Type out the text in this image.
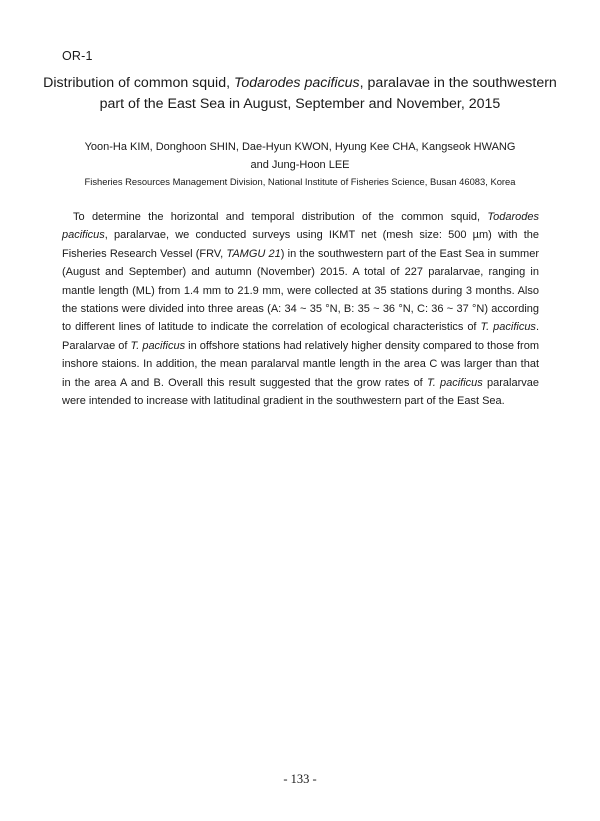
OR-1
Distribution of common squid, Todarodes pacificus, paralavae in the southwestern part of the East Sea in August, September and November, 2015
Yoon-Ha KIM, Donghoon SHIN, Dae-Hyun KWON, Hyung Kee CHA, Kangseok HWANG
and Jung-Hoon LEE
Fisheries Resources Management Division, National Institute of Fisheries Science, Busan 46083, Korea

To determine the horizontal and temporal distribution of the common squid, Todarodes pacificus, paralarvae, we conducted surveys using IKMT net (mesh size: 500 µm) with the Fisheries Research Vessel (FRV, TAMGU 21) in the southwestern part of the East Sea in summer (August and September) and autumn (November) 2015. A total of 227 paralarvae, ranging in mantle length (ML) from 1.4 mm to 21.9 mm, were collected at 35 stations during 3 months. Also the stations were divided into three areas (A: 34 ~ 35 °N, B: 35 ~ 36 °N, C: 36 ~ 37 °N) according to different lines of latitude to indicate the correlation of ecological characteristics of T. pacificus. Paralarvae of T. pacificus in offshore stations had relatively higher density compared to those from inshore staions. In addition, the mean paralarval mantle length in the area C was larger than that in the area A and B. Overall this result suggested that the grow rates of T. pacificus paralarvae were intended to increase with latitudinal gradient in the southwestern part of the East Sea.

- 133 -
